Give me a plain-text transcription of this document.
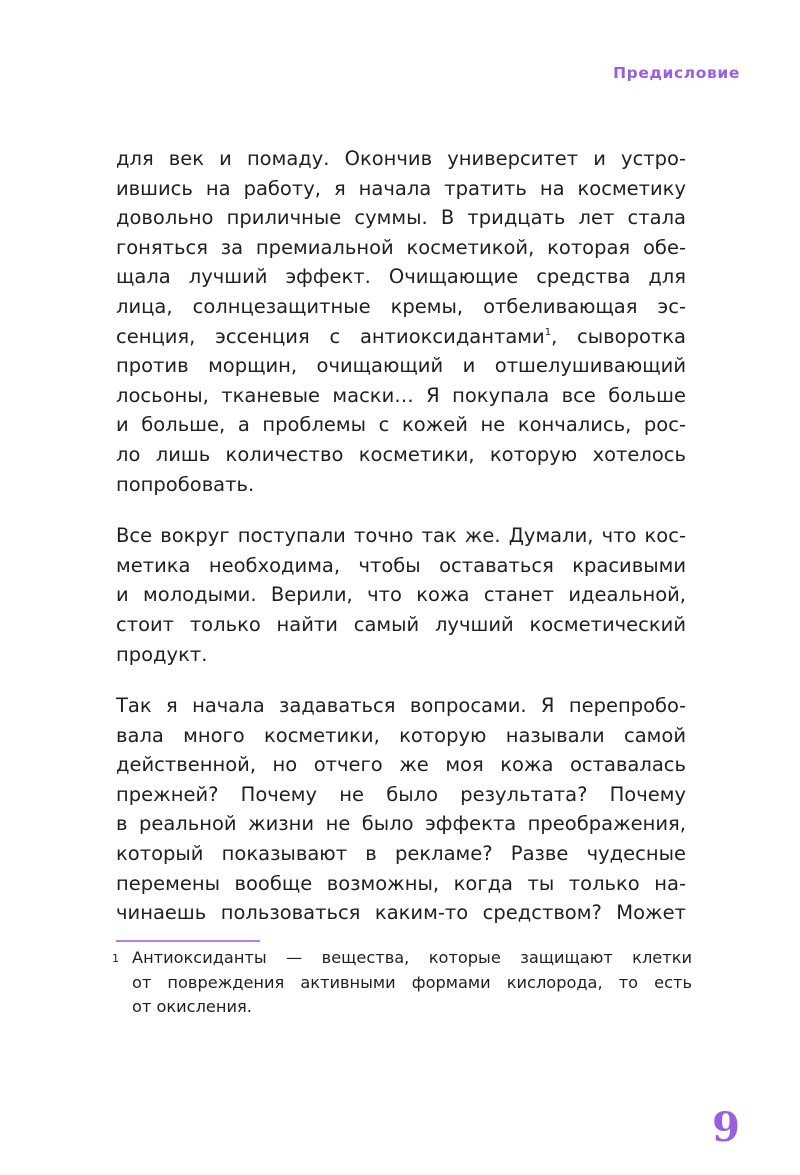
Предисловие

для век и помаду. Окончив университет и устро-
ившись на работу, я начала тратить на косметику
довольно приличные суммы. В тридцать лет стала
гоняться за премиальной косметикой, которая обе-
щала лучший эффект. Очищающие средства для
лица, солнцезащитные кремы, отбеливающая эс-
сенция, эссенция с антиоксидантами$^1$, сыворотка
против морщин, очищающий и отшелушивающий
лосьоны, тканевые маски… Я покупала все больше
и больше, а проблемы с кожей не кончались, рос-
ло лишь количество косметики, которую хотелось
попробовать.

Все вокруг поступали точно так же. Думали, что кос-
метика необходима, чтобы оставаться красивыми
и молодыми. Верили, что кожа станет идеальной,
стоит только найти самый лучший косметический
продукт.

Так я начала задаваться вопросами. Я перепробо-
вала много косметики, которую называли самой
действенной, но отчего же моя кожа оставалась
прежней? Почему не было результата? Почему
в реальной жизни не было эффекта преображения,
который показывают в рекламе? Разве чудесные
перемены вообще возможны, когда ты только на-
чинаешь пользоваться каким-то средством? Может

1 Антиоксиданты — вещества, которые защищают клетки
от повреждения активными формами кислорода, то есть
от окисления.
9
